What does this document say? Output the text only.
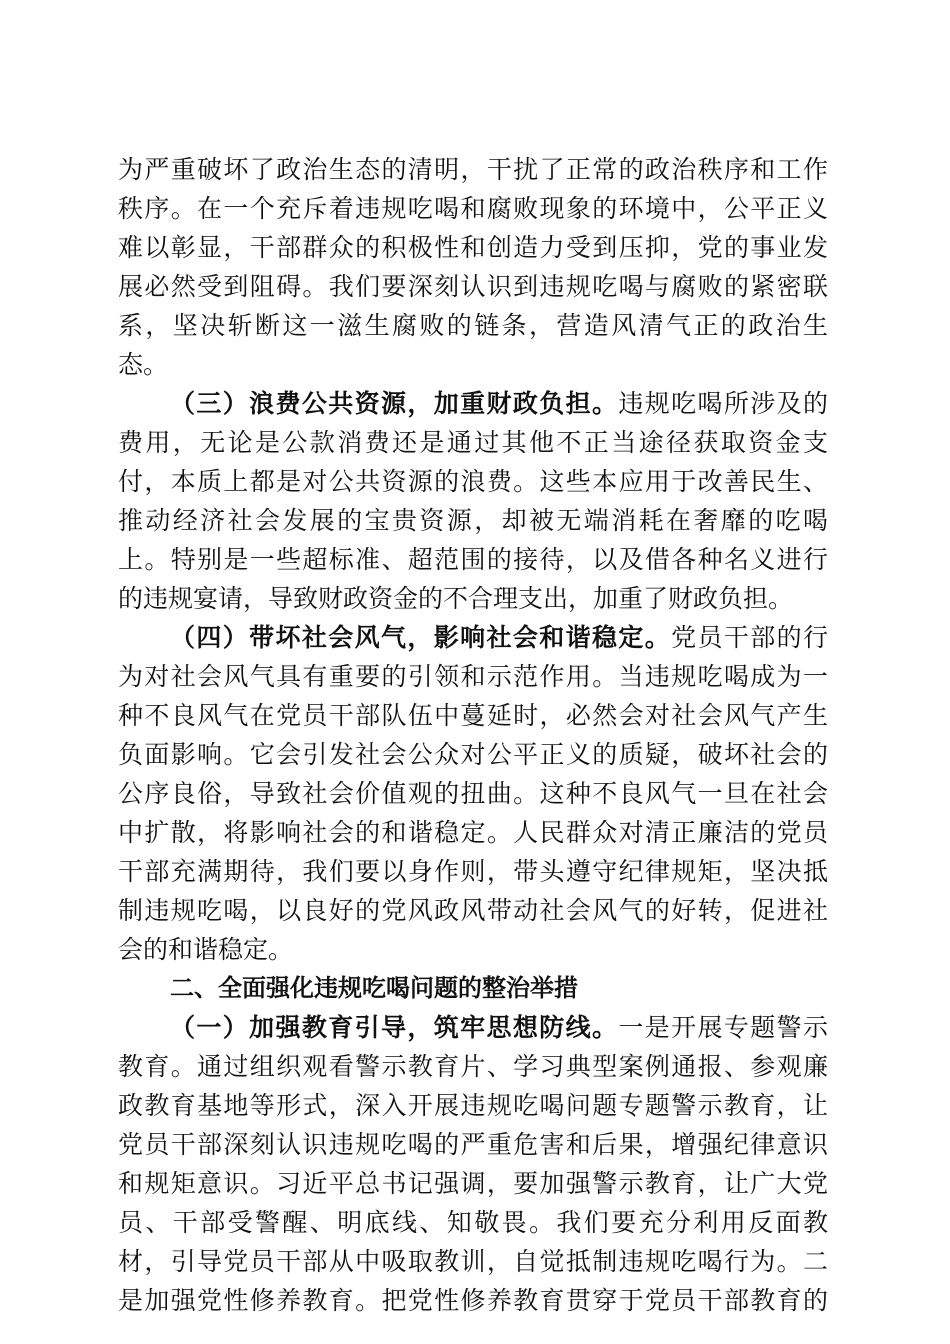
为严重破坏了政治生态的清明，干扰了正常的政治秩序和工作
秩序。在一个充斥着违规吃喝和腐败现象的环境中，公平正义
难以彰显，干部群众的积极性和创造力受到压抑，党的事业发
展必然受到阻碍。我们要深刻认识到违规吃喝与腐败的紧密联
系，坚决斩断这一滋生腐败的链条，营造风清气正的政治生
态。
（三）浪费公共资源，加重财政负担。违规吃喝所涉及的
费用，无论是公款消费还是通过其他不正当途径获取资金支
付，本质上都是对公共资源的浪费。这些本应用于改善民生、
推动经济社会发展的宝贵资源，却被无端消耗在奢靡的吃喝
上。特别是一些超标准、超范围的接待，以及借各种名义进行
的违规宴请，导致财政资金的不合理支出，加重了财政负担。
（四）带坏社会风气，影响社会和谐稳定。党员干部的行
为对社会风气具有重要的引领和示范作用。当违规吃喝成为一
种不良风气在党员干部队伍中蔓延时，必然会对社会风气产生
负面影响。它会引发社会公众对公平正义的质疑，破坏社会的
公序良俗，导致社会价值观的扭曲。这种不良风气一旦在社会
中扩散，将影响社会的和谐稳定。人民群众对清正廉洁的党员
干部充满期待，我们要以身作则，带头遵守纪律规矩，坚决抵
制违规吃喝，以良好的党风政风带动社会风气的好转，促进社
会的和谐稳定。
二、全面强化违规吃喝问题的整治举措
（一）加强教育引导，筑牢思想防线。一是开展专题警示
教育。通过组织观看警示教育片、学习典型案例通报、参观廉
政教育基地等形式，深入开展违规吃喝问题专题警示教育，让
党员干部深刻认识违规吃喝的严重危害和后果，增强纪律意识
和规矩意识。习近平总书记强调，要加强警示教育，让广大党
员、干部受警醒、明底线、知敬畏。我们要充分利用反面教
材，引导党员干部从中吸取教训，自觉抵制违规吃喝行为。二
是加强党性修养教育。把党性修养教育贯穿于党员干部教育的
